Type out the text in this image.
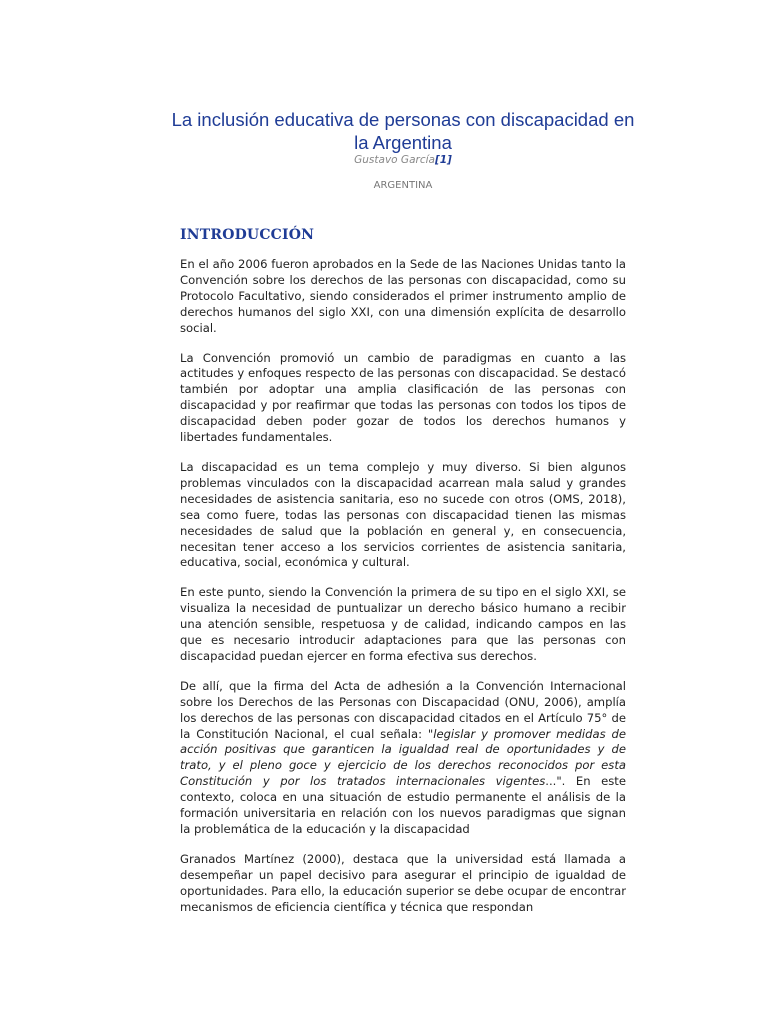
La inclusión educativa de personas con discapacidad en la Argentina
Gustavo García[1]
ARGENTINA
INTRODUCCIÓN

En el año 2006 fueron aprobados en la Sede de las Naciones Unidas tanto la Convención sobre los derechos de las personas con discapacidad, como su Protocolo Facultativo, siendo considerados el primer instrumento amplio de derechos humanos del siglo XXI, con una dimensión explícita de desarrollo social.

La Convención promovió un cambio de paradigmas en cuanto a las actitudes y enfoques respecto de las personas con discapacidad. Se destacó también por adoptar una amplia clasificación de las personas con discapacidad y por reafirmar que todas las personas con todos los tipos de discapacidad deben poder gozar de todos los derechos humanos y libertades fundamentales.

La discapacidad es un tema complejo y muy diverso. Si bien algunos problemas vinculados con la discapacidad acarrean mala salud y grandes necesidades de asistencia sanitaria, eso no sucede con otros (OMS, 2018), sea como fuere, todas las personas con discapacidad tienen las mismas necesidades de salud que la población en general y, en consecuencia, necesitan tener acceso a los servicios corrientes de asistencia sanitaria, educativa, social, económica y cultural.

En este punto, siendo la Convención la primera de su tipo en el siglo XXI, se visualiza la necesidad de puntualizar un derecho básico humano a recibir una atención sensible, respetuosa y de calidad, indicando campos en las que es necesario introducir adaptaciones para que las personas con discapacidad puedan ejercer en forma efectiva sus derechos.

De allí, que la firma del Acta de adhesión a la Convención Internacional sobre los Derechos de las Personas con Discapacidad (ONU, 2006), amplía los derechos de las personas con discapacidad citados en el Artículo 75° de la Constitución Nacional, el cual señala: "legislar y promover medidas de acción positivas que garanticen la igualdad real de oportunidades y de trato, y el pleno goce y ejercicio de los derechos reconocidos por esta Constitución y por los tratados internacionales vigentes...". En este contexto, coloca en una situación de estudio permanente el análisis de la formación universitaria en relación con los nuevos paradigmas que signan la problemática de la educación y la discapacidad

Granados Martínez (2000), destaca que la universidad está llamada a desempeñar un papel decisivo para asegurar el principio de igualdad de oportunidades. Para ello, la educación superior se debe ocupar de encontrar mecanismos de eficiencia científica y técnica que respondan
